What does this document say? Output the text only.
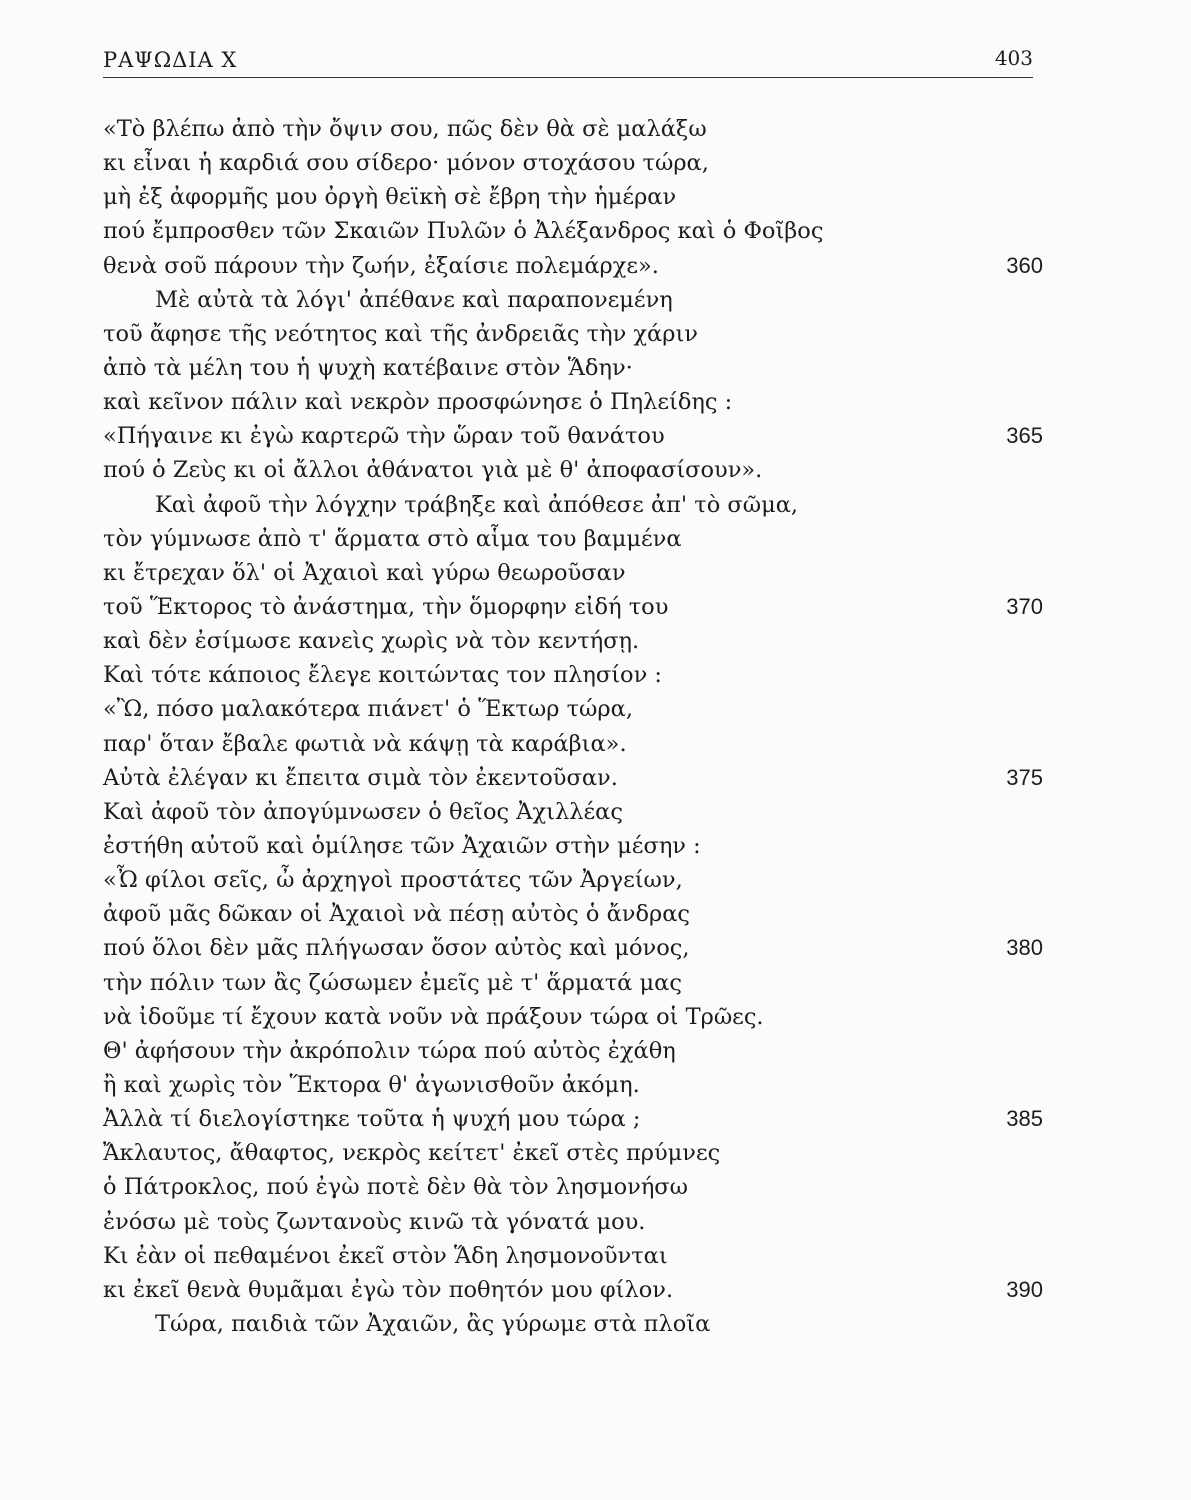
ΡΑΨΩΔΙΑ Χ	403
«Τὸ βλέπω ἀπὸ τὴν ὄψιν σου, πῶς δὲν θὰ σὲ μαλάξω
κι εἶναι ἡ καρδιά σου σίδερο· μόνον στοχάσου τώρα,
μὴ ἐξ ἀφορμῆς μου ὀργὴ θεϊκὴ σὲ ἔβρη τὴν ἡμέραν
πού ἔμπροσθεν τῶν Σκαιῶν Πυλῶν ὁ Ἀλέξανδρος καὶ ὁ Φοῖβος
θενὰ σοῦ πάρουν τὴν ζωήν, ἐξαίσιε πολεμάρχε».	360
Μὲ αὐτὰ τὰ λόγι' ἀπέθανε καὶ παραπονεμένη
τοῦ ἄφησε τῆς νεότητος καὶ τῆς ἀνδρειᾶς τὴν χάριν
ἀπὸ τὰ μέλη του ἡ ψυχὴ κατέβαινε στὸν Ἅδην·
καὶ κεῖνον πάλιν καὶ νεκρὸν προσφώνησε ὁ Πηλείδης :
«Πήγαινε κι ἐγὼ καρτερῶ τὴν ὥραν τοῦ θανάτου	365
πού ὁ Ζεὺς κι οἱ ἄλλοι ἀθάνατοι γιὰ μὲ θ' ἀποφασίσουν».
Καὶ ἀφοῦ τὴν λόγχην τράβηξε καὶ ἀπόθεσε ἀπ' τὸ σῶμα,
τὸν γύμνωσε ἀπὸ τ' ἅρματα στὸ αἷμα του βαμμένα
κι ἔτρεχαν ὅλ' οἱ Ἀχαιοὶ καὶ γύρω θεωροῦσαν
τοῦ Ἕκτορος τὸ ἀνάστημα, τὴν ὅμορφην εἰδή του	370
καὶ δὲν ἐσίμωσε κανεὶς χωρὶς νὰ τὸν κεντήσῃ.
Καὶ τότε κάποιος ἔλεγε κοιτώντας τον πλησίον :
«Ὢ, πόσο μαλακότερα πιάνετ' ὁ Ἕκτωρ τώρα,
παρ' ὅταν ἔβαλε φωτιὰ νὰ κάψῃ τὰ καράβια».
Αὐτὰ ἐλέγαν κι ἔπειτα σιμὰ τὸν ἐκεντοῦσαν.	375
Καὶ ἀφοῦ τὸν ἀπογύμνωσεν ὁ θεῖος Ἀχιλλέας
ἐστήθη αὐτοῦ καὶ ὁμίλησε τῶν Ἀχαιῶν στὴν μέσην :
«Ὦ φίλοι σεῖς, ὦ ἀρχηγοὶ προστάτες τῶν Ἀργείων,
ἀφοῦ μᾶς δῶκαν οἱ Ἀχαιοὶ νὰ πέσῃ αὐτὸς ὁ ἄνδρας
πού ὅλοι δὲν μᾶς πλήγωσαν ὅσον αὐτὸς καὶ μόνος,	380
τὴν πόλιν των ἂς ζώσωμεν ἐμεῖς μὲ τ' ἅρματά μας
νὰ ἰδοῦμε τί ἔχουν κατὰ νοῦν νὰ πράξουν τώρα οἱ Τρῶες.
Θ' ἀφήσουν τὴν ἀκρόπολιν τώρα πού αὐτὸς ἐχάθη
ἢ καὶ χωρὶς τὸν Ἕκτορα θ' ἀγωνισθοῦν ἀκόμη.
Ἀλλὰ τί διελογίστηκε τοῦτα ἡ ψυχή μου τώρα ;	385
Ἄκλαυτος, ἄθαφτος, νεκρὸς κείτετ' ἐκεῖ στὲς πρύμνες
ὁ Πάτροκλος, πού ἐγὼ ποτὲ δὲν θὰ τὸν λησμονήσω
ἐνόσω μὲ τοὺς ζωντανοὺς κινῶ τὰ γόνατά μου.
Κι ἐὰν οἱ πεθαμένοι ἐκεῖ στὸν Ἅδη λησμονοῦνται
κι ἐκεῖ θενὰ θυμᾶμαι ἐγὼ τὸν ποθητόν μου φίλον.	390
Τώρα, παιδιὰ τῶν Ἀχαιῶν, ἂς γύρωμε στὰ πλοῖα
